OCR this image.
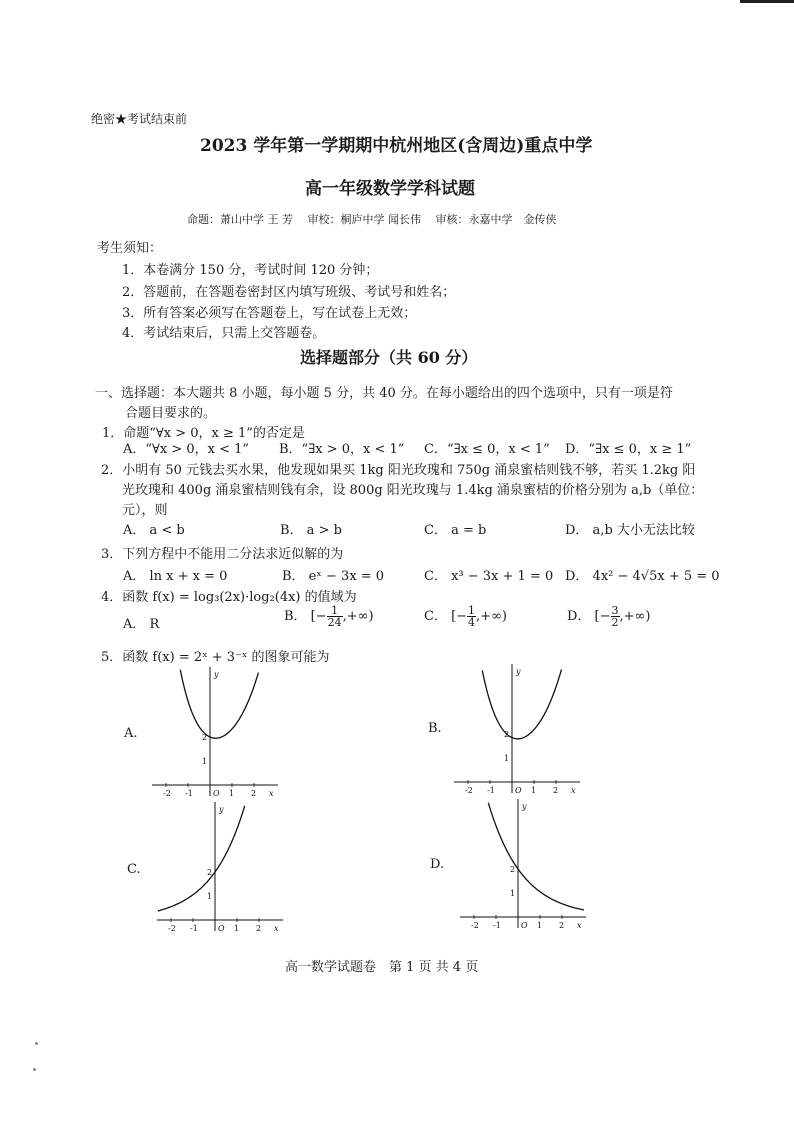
绝密★考试结束前
2023 学年第一学期期中杭州地区(含周边)重点中学
高一年级数学学科试题
命题：萧山中学 王 芳　 审校：桐庐中学 闻长伟　 审核：永嘉中学　金传侠
考生须知：
1．本卷满分 150 分，考试时间 120 分钟；
2．答题前，在答题卷密封区内填写班级、考试号和姓名；
3．所有答案必须写在答题卷上，写在试卷上无效；
4．考试结束后，只需上交答题卷。
选择题部分（共 60 分）
一、选择题：本大题共 8 小题，每小题 5 分，共 40 分。在每小题给出的四个选项中，只有一项是符
合题目要求的。
1．命题“∀x > 0，x ≥ 1”的否定是
A．“∀x > 0，x < 1” B．“∃x > 0，x < 1” C．“∃x ≤ 0，x < 1” D．“∃x ≤ 0，x ≥ 1”
2．小明有 50 元钱去买水果，他发现如果买 1kg 阳光玫瑰和 750g 涌泉蜜桔则钱不够，若买 1.2kg 阳
光玫瑰和 400g 涌泉蜜桔则钱有余，设 800g 阳光玫瑰与 1.4kg 涌泉蜜桔的价格分别为 a,b（单位：
元），则
A． a < b	B． a > b	C． a = b	D． a,b 大小无法比较
3．下列方程中不能用二分法求近似解的为
A． ln x + x = 0	B． eˣ − 3x = 0	C． x³ − 3x + 1 = 0 D． 4x² − 4√5x + 5 = 0
4．函数 f(x) = log₃(2x)·log₂(4x) 的值域为
A． R
B． [− $\frac{1}{24}$ ,+∞)	C． [− $\frac{1}{4}$ ,+∞)	D． [− $\frac{3}{2}$ ,+∞)
5．函数 f(x) = 2ˣ + 3⁻ˣ 的图象可能为
A.	B.
C.	D.
y
x
O
-2 -1	1 2
2
1
y
x
O
-2 -1	1 2
2
1
y
x
O
-2 -1	1 2
2
1
y
x
O
-2 -1	1 2
2
1
高一数学试题卷　第 1 页 共 4 页
